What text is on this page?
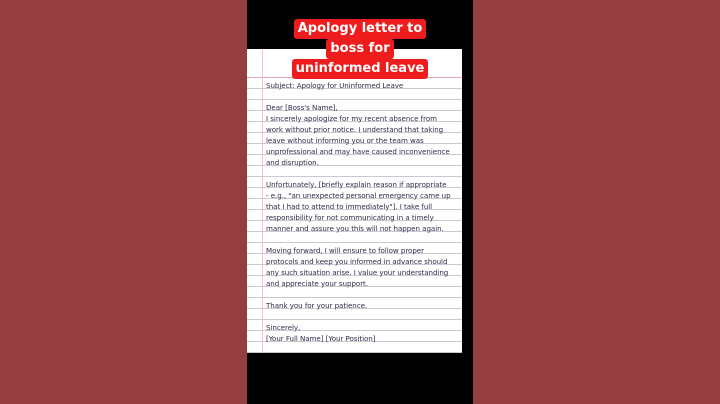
Subject: Apology for Uninformed Leave
Dear [Boss's Name],
I sincerely apologize for my recent absence from
work without prior notice. I understand that taking
leave without informing you or the team was
unprofessional and may have caused inconvenience
and disruption.
Unfortunately, [briefly explain reason if appropriate
- e.g., "an unexpected personal emergency came up
that I had to attend to immediately"]. I take full
responsibility for not communicating in a timely
manner and assure you this will not happen again.
Moving forward, I will ensure to follow proper
protocols and keep you informed in advance should
any such situation arise. I value your understanding
and appreciate your support.
Thank you for your patience.
Sincerely,
[Your Full Name] [Your Position]
Apology letter to
boss for
uninformed leave
